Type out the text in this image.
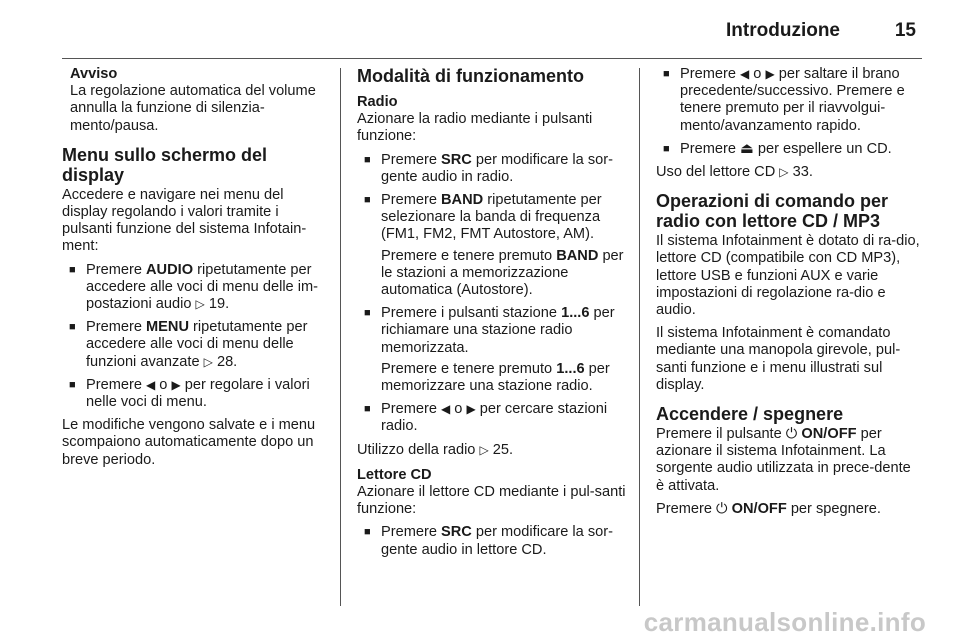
Introduzione	15
Avviso
La regolazione automatica del volume annulla la funzione di silenzia-mento/pausa.
Menu sullo schermo del display
Accedere e navigare nei menu del display regolando i valori tramite i pulsanti funzione del sistema Infotain-ment:
■ Premere AUDIO ripetutamente per accedere alle voci di menu delle im-postazioni audio ▷ 19.
■ Premere MENU ripetutamente per accedere alle voci di menu delle funzioni avanzate ▷ 28.
■ Premere ◀ o ▶ per regolare i valori nelle voci di menu.
Le modifiche vengono salvate e i menu scompaiono automaticamente dopo un breve periodo.
Modalità di funzionamento
Radio
Azionare la radio mediante i pulsanti funzione:
■ Premere SRC per modificare la sor-gente audio in radio.
■ Premere BAND ripetutamente per selezionare la banda di frequenza (FM1, FM2, FMT Autostore, AM).
Premere e tenere premuto BAND per le stazioni a memorizzazione automatica (Autostore).
■ Premere i pulsanti stazione 1...6 per richiamare una stazione radio memorizzata.
Premere e tenere premuto 1...6 per memorizzare una stazione radio.
■ Premere ◀ o ▶ per cercare stazioni radio.
Utilizzo della radio ▷ 25.
Lettore CD
Azionare il lettore CD mediante i pul-santi funzione:
■ Premere SRC per modificare la sor-gente audio in lettore CD.
■ Premere ◀ o ▶ per saltare il brano precedente/successivo. Premere e tenere premuto per il riavvolgui-mento/avanzamento rapido.
■ Premere ⏏ per espellere un CD.
Uso del lettore CD ▷ 33.
Operazioni di comando per radio con lettore CD / MP3
Il sistema Infotainment è dotato di ra-dio, lettore CD (compatibile con CD MP3), lettore USB e funzioni AUX e varie impostazioni di regolazione ra-dio e audio.
Il sistema Infotainment è comandato mediante una manopola girevole, pul-santi funzione e i menu illustrati sul display.
Accendere / spegnere
Premere il pulsante ⏻ ON/OFF per azionare il sistema Infotainment. La sorgente audio utilizzata in prece-dente è attivata.
Premere ⏻ ON/OFF per spegnere.
carmanualsonline.info
